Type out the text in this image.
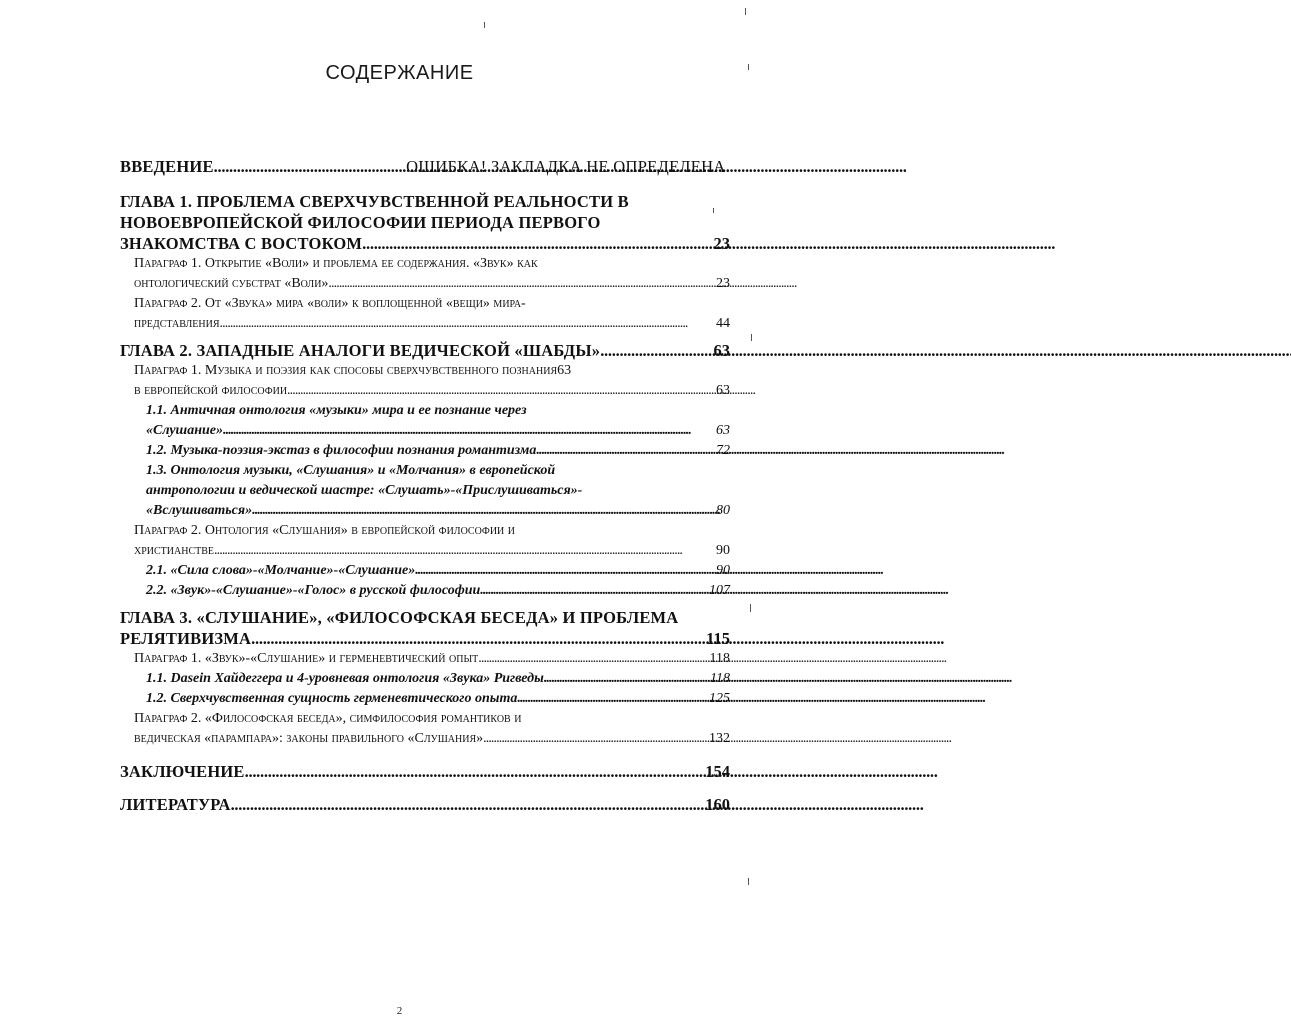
СОДЕРЖАНИЕ
ВВЕДЕНИЕ . . .	ОШИБКА! ЗАКЛАДКА НЕ ОПРЕДЕЛЕНА.
ГЛАВА 1. ПРОБЛЕМА СВЕРХЧУВСТВЕННОЙ РЕАЛЬНОСТИ В
НОВОЕВРОПЕЙСКОЙ ФИЛОСОФИИ ПЕРИОДА ПЕРВОГО
ЗНАКОМСТВА С ВОСТОКОМ . . .	23
Параграф 1. Открытие «Воли» и проблема ее содержания. «Звук» как
онтологический субстрат «Воли» . . .	23
Параграф 2. От «Звука» мира «воли» к воплощенной «вещи» мира-
представления . . .	44
ГЛАВА 2. ЗАПАДНЫЕ АНАЛОГИ ВЕДИЧЕСКОЙ «ШАБДЫ» . . .	63
Параграф 1. Музыка и поэзия как способы сверхчувственного познания63
в европейской философии . . .	63
1.1. Античная онтология «музыки» мира и ее познание через
«Слушание» . . .	63
1.2. Музыка-поэзия-экстаз в философии познания романтизма . . .	72
1.3. Онтология музыки, «Слушания» и «Молчания» в европейской
антропологии и ведической шастре: «Слушать»-«Прислушиваться»-
«Вслушиваться» . . .	80
Параграф 2. Онтология «Слушания» в европейской философии и
христианстве . . .	90
2.1. «Сила слова»-«Молчание»-«Слушание» . . .	90
2.2. «Звук»-«Слушание»-«Голос» в русской философии . . .	107
ГЛАВА 3. «СЛУШАНИЕ», «ФИЛОСОФСКАЯ БЕСЕДА» И ПРОБЛЕМА
РЕЛЯТИВИЗМА . . .	115
Параграф 1. «Звук»-«Слушание» и герменевтический опыт . . .	118
1.1. Dasein Хайдеггера и 4-уровневая онтология «Звука» Ригведы . . .	118
1.2. Сверхчувственная сущность герменевтического опыта . . .	125
Параграф 2. «Философская беседа», симфилософия романтиков и
ведическая «парампара»: законы правильного «Слушания» . . .	132
ЗАКЛЮЧЕНИЕ . . .	154
ЛИТЕРАТУРА . . .	160
2
